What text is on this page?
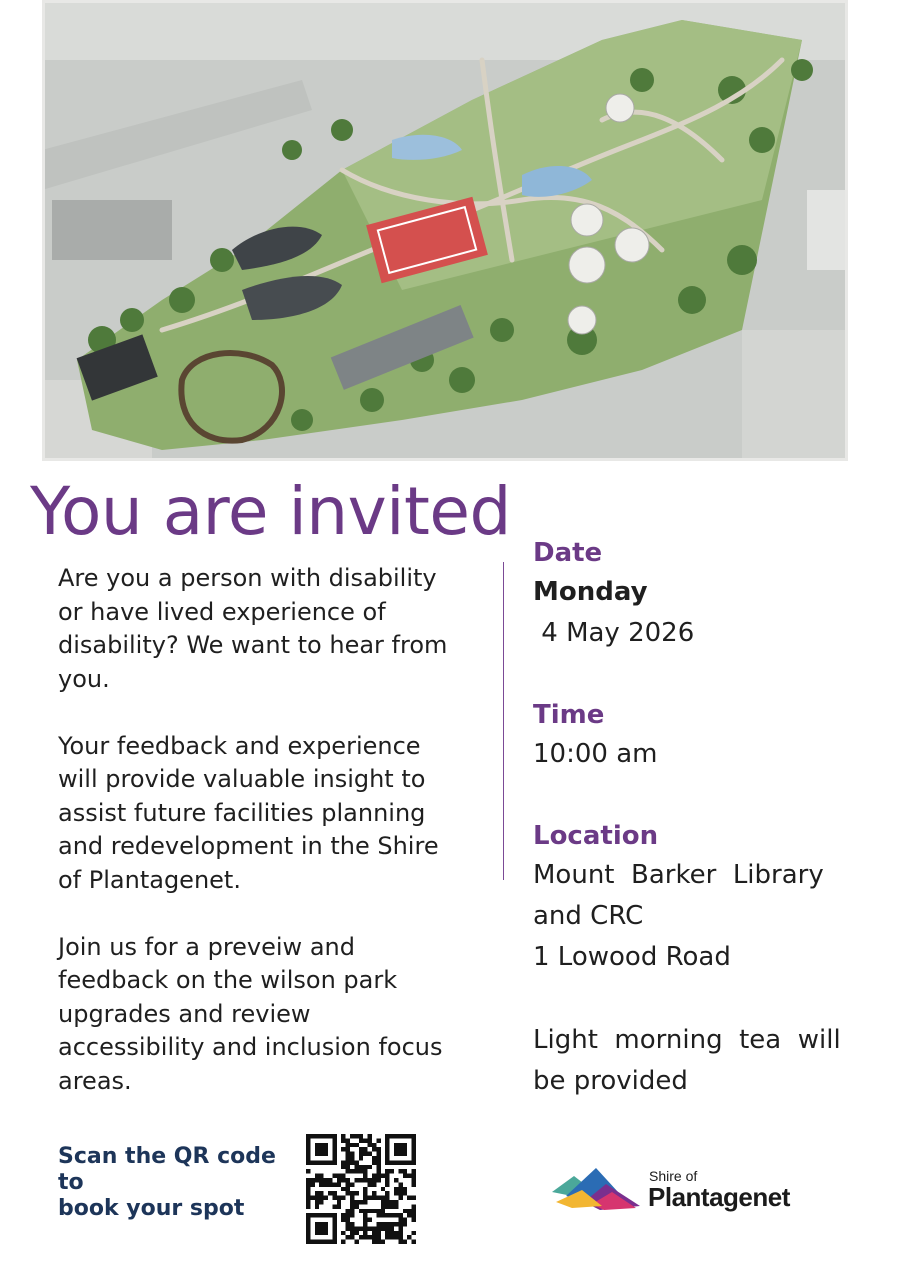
You are invited

Are you a person with disability or have lived experience of disability? We want to hear from you.

Your feedback and experience will provide valuable insight to assist future facilities planning and redevelopment in the Shire of Plantagenet.

Join us for a preveiw and feedback on the wilson park upgrades and review accessibility and inclusion focus areas.

Date
Monday
4 May 2026
Time
10:00 am
Location
Mount  Barker  Library
and CRC
1 Lowood Road
Light  morning  tea  will
be provided
Scan the QR code to
book your spot
Shire of
Plantagenet
